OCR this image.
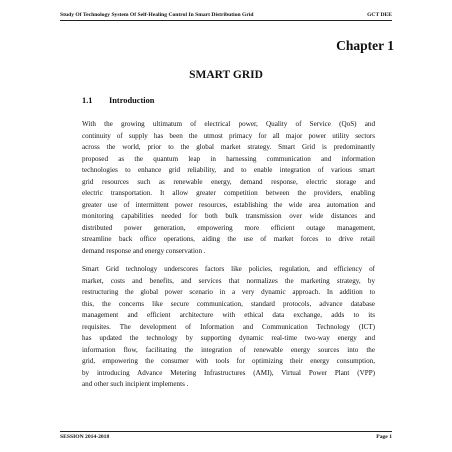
Study Of Technology System Of Self-Healing Control In Smart Distribution Grid	GCT DEE
Chapter 1
SMART GRID
1.1	Introduction
With the growing ultimatum of electrical power, Quality of Service (QoS) and
continuity of supply has been the utmost primacy for all major power utility sectors
across the world, prior to the global market strategy. Smart Grid is predominantly
proposed as the quantum leap in harnessing communication and information
technologies to enhance grid reliability, and to enable integration of various smart
grid resources such as renewable energy, demand response, electric storage and
electric transportation. It allow greater competition between the providers, enabling
greater use of intermittent power resources, establishing the wide area automation and
monitoring capabilities needed for both bulk transmission over wide distances and
distributed power generation, empowering more efficient outage management,
streamline back office operations, aiding the use of market forces to drive retail
demand response and energy conservation .
Smart Grid technology underscores factors like policies, regulation, and efficiency of
market, costs and benefits, and services that normalizes the marketing strategy, by
restructuring the global power scenario in a very dynamic approach. In addition to
this, the concerns like secure communication, standard protocols, advance database
management and efficient architecture with ethical data exchange, adds to its
requisites. The development of Information and Communication Technology (ICT)
has updated the technology by supporting dynamic real-time two-way energy and
information flow, facilitating the integration of renewable energy sources into the
grid, empowering the consumer with tools for optimizing their energy consumption,
by introducing Advance Metering Infrastructures (AMI), Virtual Power Plant (VPP)
and other such incipient implements .
SESSION 2014-2018	Page 1
